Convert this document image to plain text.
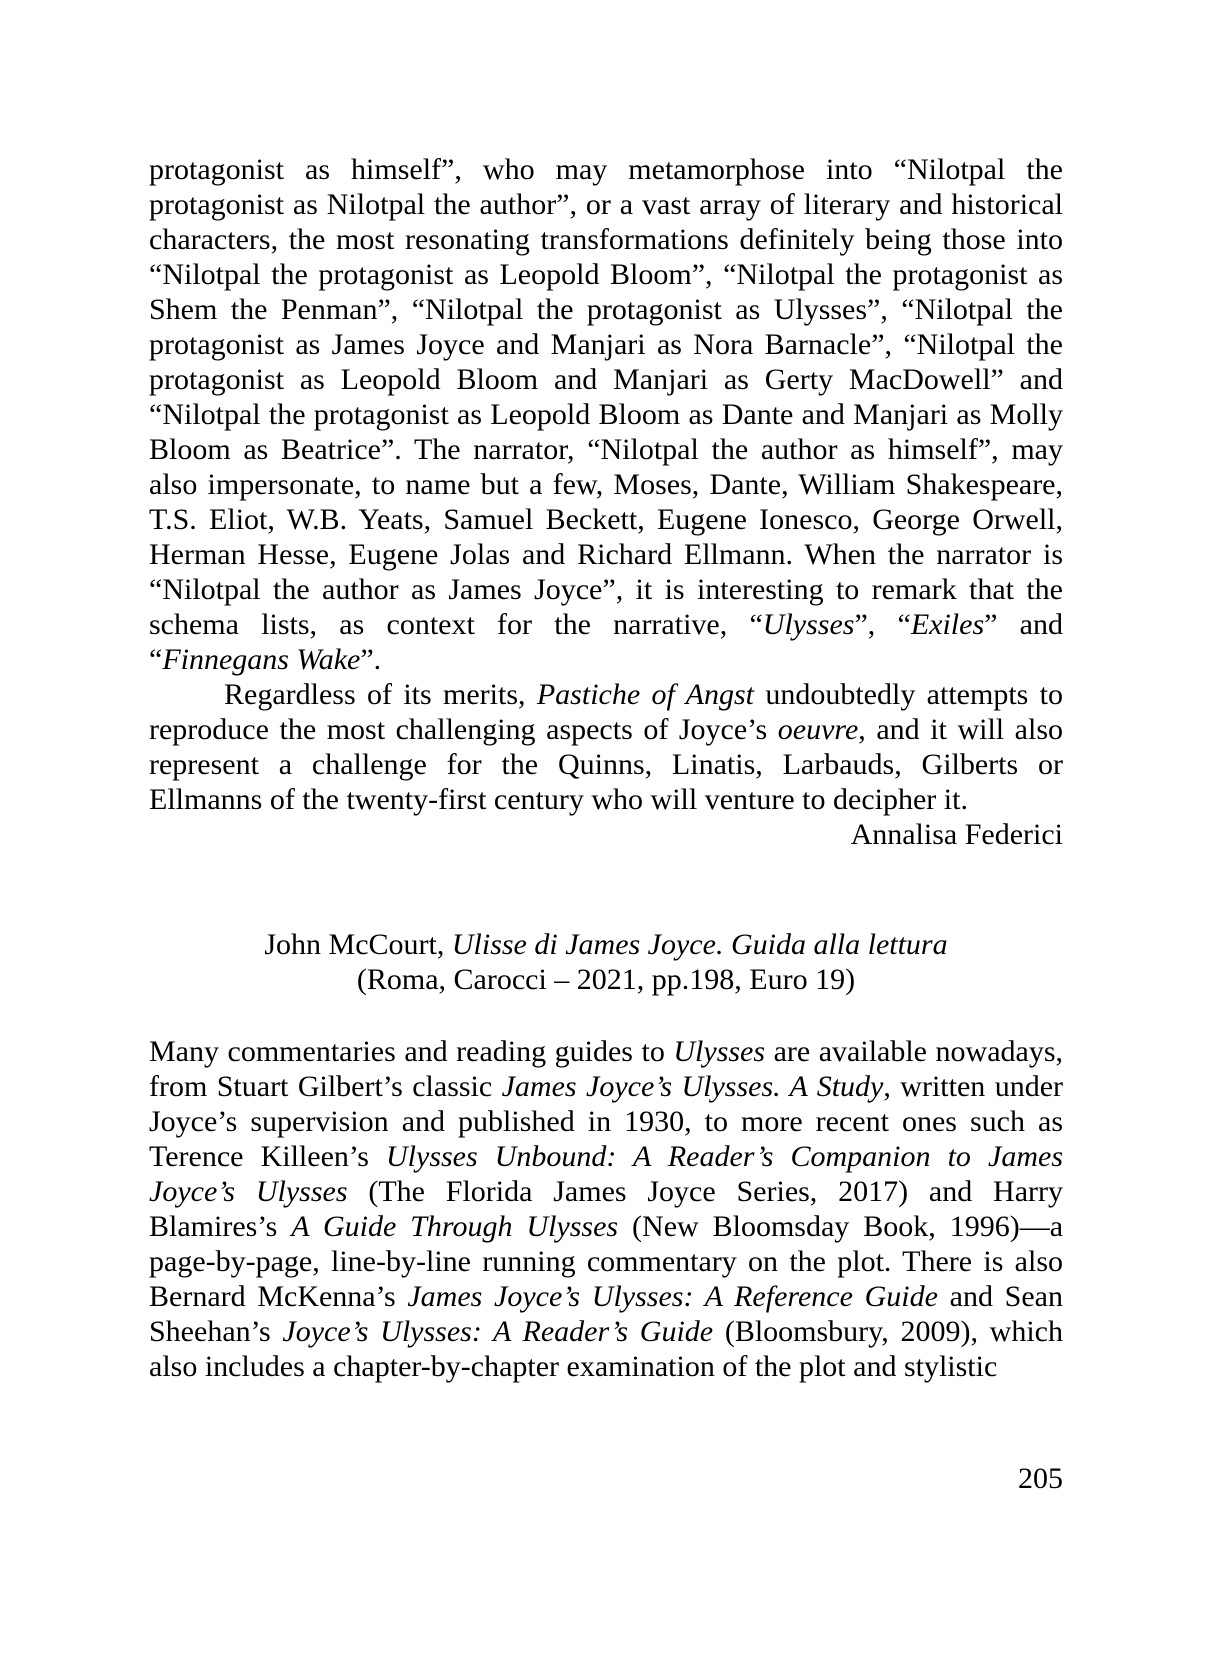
protagonist as himself”, who may metamorphose into “Nilotpal the protagonist as Nilotpal the author”, or a vast array of literary and historical characters, the most resonating transformations definitely being those into “Nilotpal the protagonist as Leopold Bloom”, “Nilotpal the protagonist as Shem the Penman”, “Nilotpal the protagonist as Ulysses”, “Nilotpal the protagonist as James Joyce and Manjari as Nora Barnacle”, “Nilotpal the protagonist as Leopold Bloom and Manjari as Gerty MacDowell” and “Nilotpal the protagonist as Leopold Bloom as Dante and Manjari as Molly Bloom as Beatrice”. The narrator, “Nilotpal the author as himself”, may also impersonate, to name but a few, Moses, Dante, William Shakespeare, T.S. Eliot, W.B. Yeats, Samuel Beckett, Eugene Ionesco, George Orwell, Herman Hesse, Eugene Jolas and Richard Ellmann. When the narrator is “Nilotpal the author as James Joyce”, it is interesting to remark that the schema lists, as context for the narrative, “Ulysses”, “Exiles” and “Finnegans Wake”.

Regardless of its merits, Pastiche of Angst undoubtedly attempts to reproduce the most challenging aspects of Joyce’s oeuvre, and it will also represent a challenge for the Quinns, Linatis, Larbauds, Gilberts or Ellmanns of the twenty-first century who will venture to decipher it.

Annalisa Federici

John McCourt, Ulisse di James Joyce. Guida alla lettura
(Roma, Carocci – 2021, pp.198, Euro 19)

Many commentaries and reading guides to Ulysses are available nowadays, from Stuart Gilbert’s classic James Joyce’s Ulysses. A Study, written under Joyce’s supervision and published in 1930, to more recent ones such as Terence Killeen’s Ulysses Unbound: A Reader’s Companion to James Joyce’s Ulysses (The Florida James Joyce Series, 2017) and Harry Blamires’s A Guide Through Ulysses (New Bloomsday Book, 1996)—a page-by-page, line-by-line running commentary on the plot. There is also Bernard McKenna’s James Joyce’s Ulysses: A Reference Guide and Sean Sheehan’s Joyce’s Ulysses: A Reader’s Guide (Bloomsbury, 2009), which also includes a chapter-by-chapter examination of the plot and stylistic

205
